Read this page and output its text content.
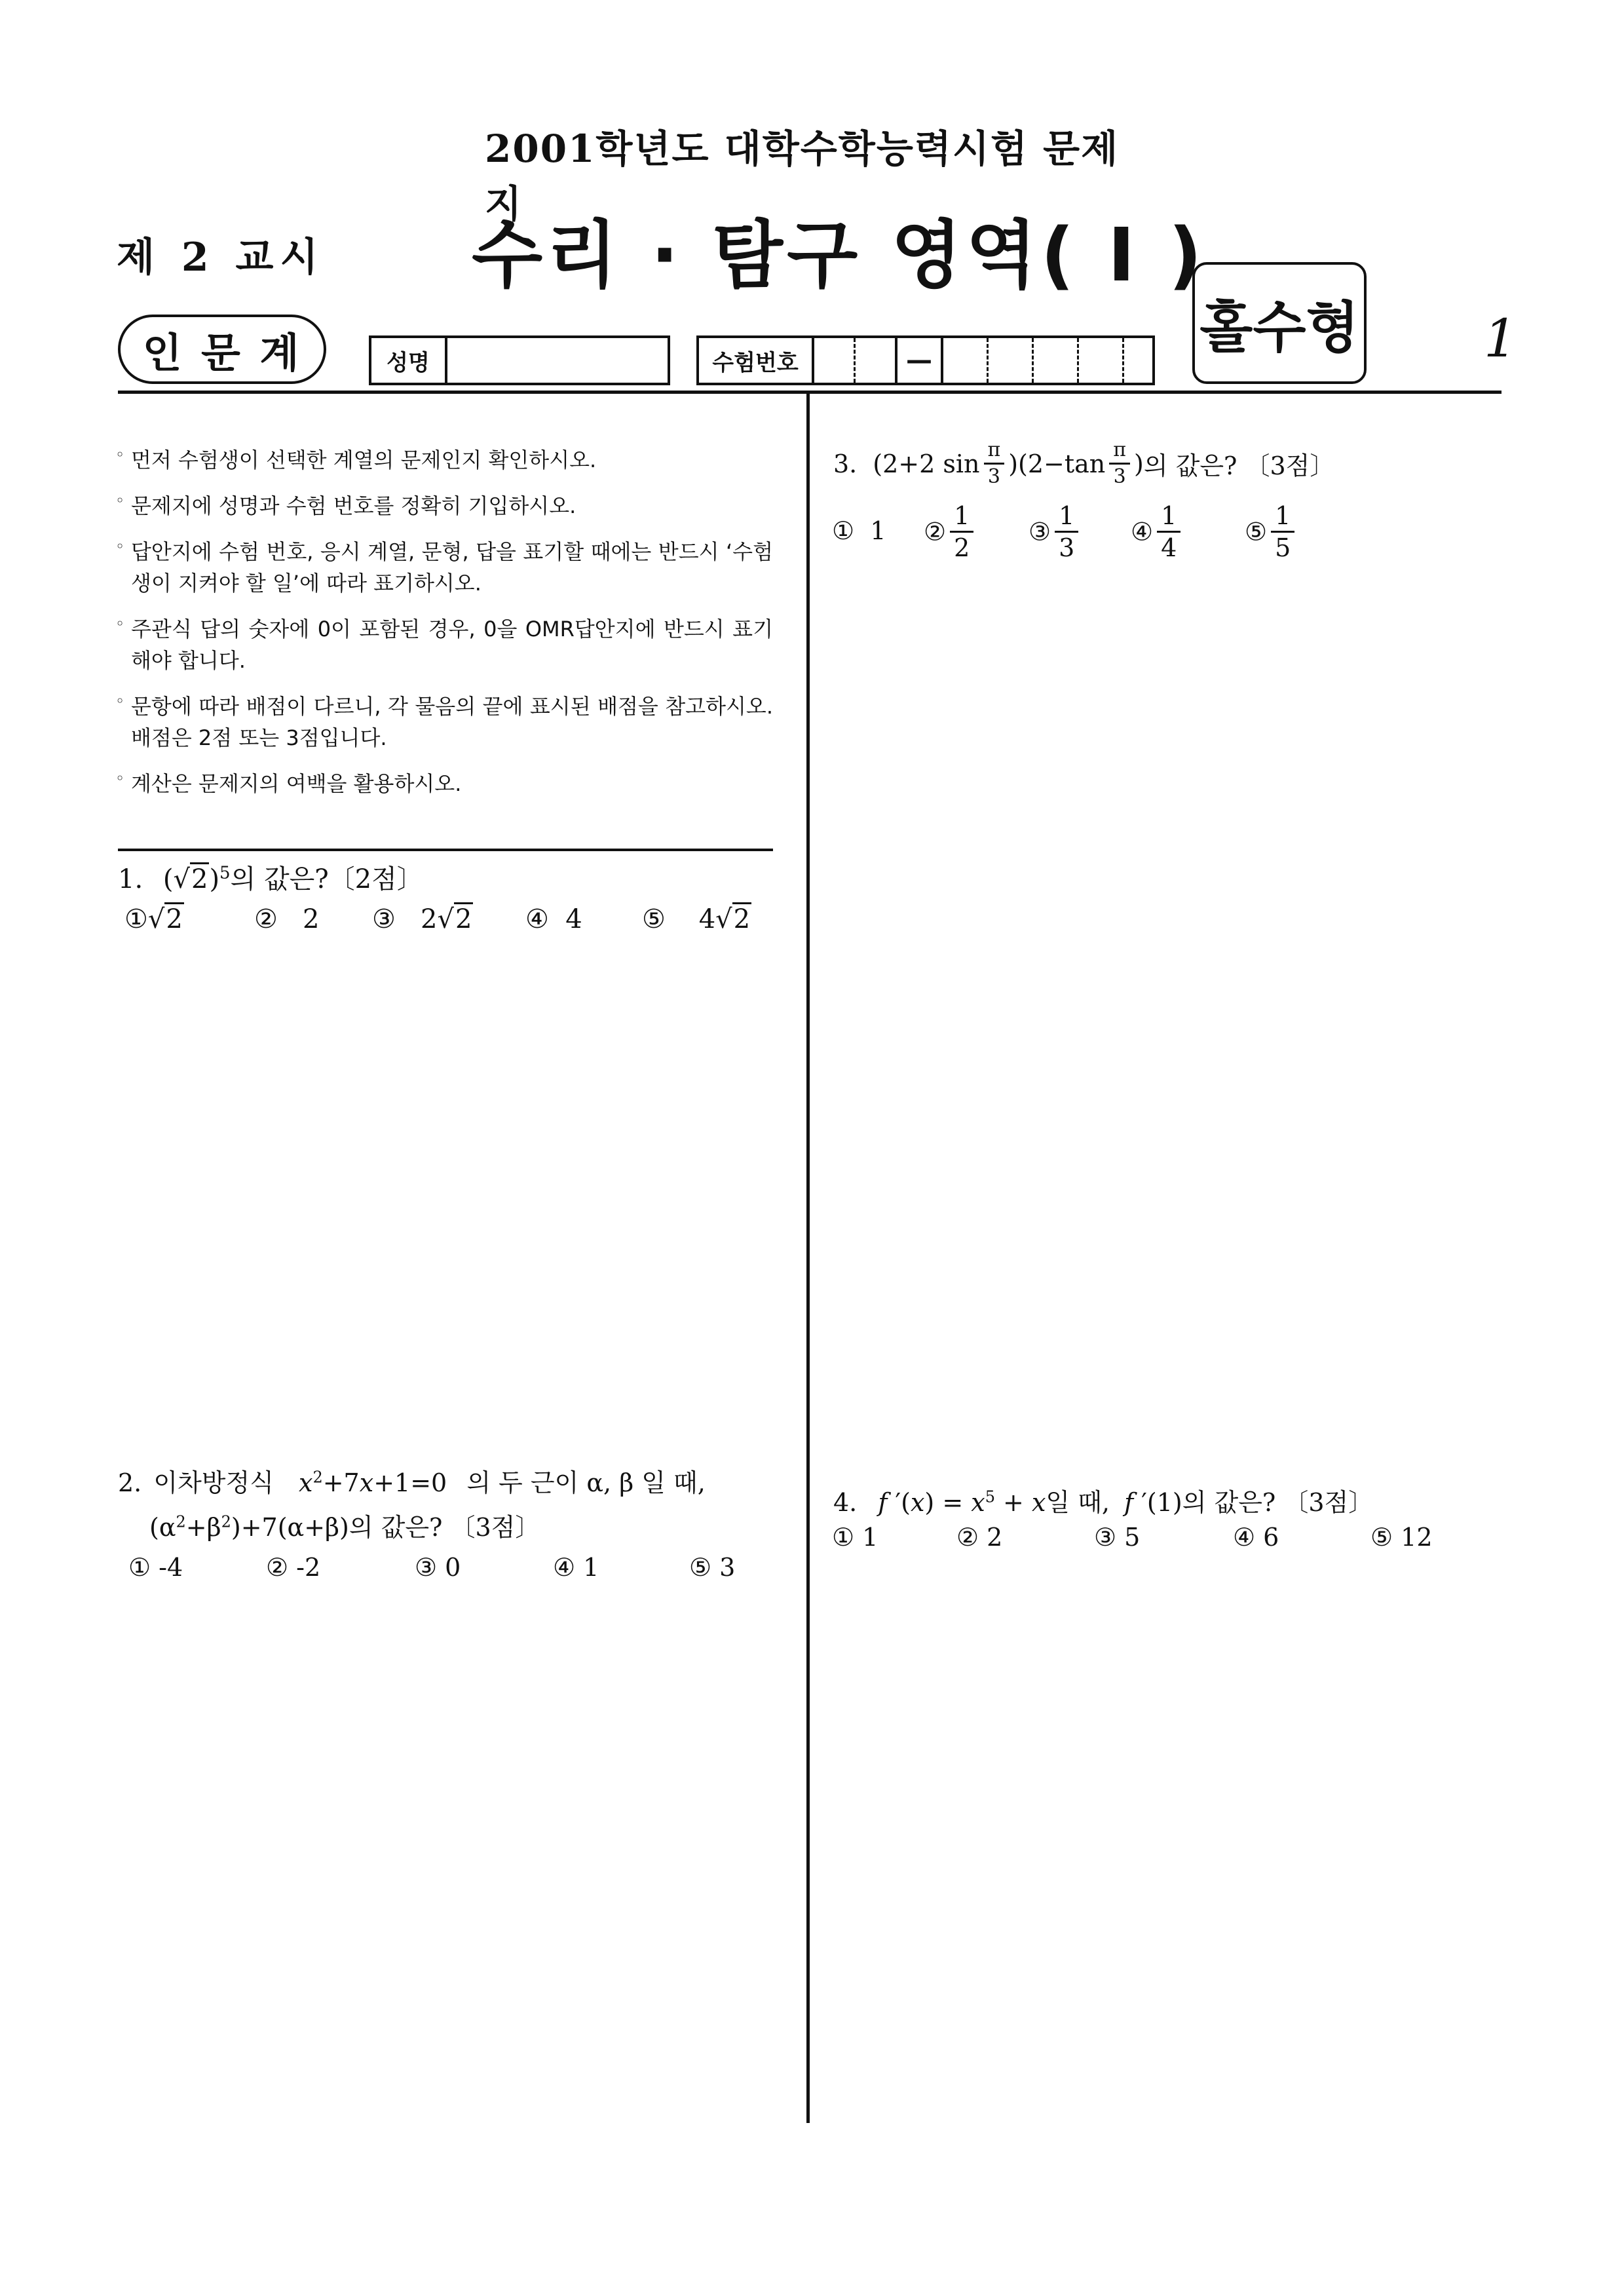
2001학년도 대학수학능력시험 문제지
제 2 교시 수리 · 탐구 영역( I )
홀수형 1
인 문 계	성명	수험번호	—
◦ 먼저 수험생이 선택한 계열의 문제인지 확인하시오.
◦ 문제지에 성명과 수험 번호를 정확히 기입하시오.
◦ 답안지에 수험 번호, 응시 계열, 문형, 답을 표기할 때에는 반드시 ‘수험생이 지켜야 할 일’에 따라 표기하시오.
◦ 주관식 답의 숫자에 0이 포함된 경우, 0을 OMR답안지에 반드시 표기해야 합니다.
◦ 문항에 따라 배점이 다르니, 각 물음의 끝에 표시된 배점을 참고하시오. 배점은 2점 또는 3점입니다.
◦ 계산은 문제지의 여백을 활용하시오.
1. $(√2)^5$의 값은?〔2점〕
①√2	② 2 ③   2√2 ④ 4 ⑤ 4√2
2. 이차방정식 $x^2+7x+1=0$ 의 두 근이 α, β 일 때,
$(\alpha^2+\beta^2)+7(\alpha+\beta)$의 값은? 〔3점〕
① -4	② -2	③ 0	④ 1	⑤ 3
3. (2+2 $\sin \frac{\pi}{3} )(2-\tan \frac{\pi}{3}$ ) 의 값은? 〔3점〕
① 1 ② $\frac{1}{2}$ ③ $\frac{1}{3}$ ④ $\frac{1}{4}$	⑤ $\frac{1}{5}$
4. f $'(x) = x^5 + x$일 때, f ′(1)의 값은? 〔3점〕
① 1	② 2	③ 5	④ 6	⑤ 12
